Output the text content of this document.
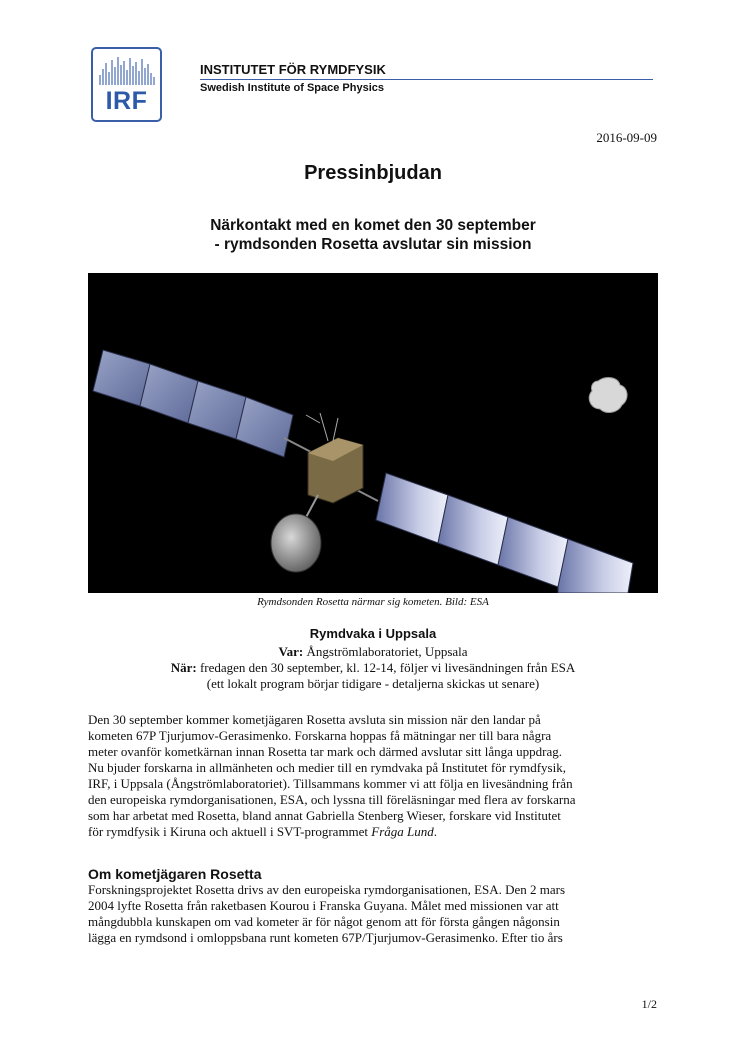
IRF
INSTITUTET FÖR RYMDFYSIK
Swedish Institute of Space Physics
2016-09-09
Pressinbjudan
Närkontakt med en komet den 30 september
- rymdsonden Rosetta avslutar sin mission
Rymdsonden Rosetta närmar sig kometen. Bild: ESA
Rymdvaka i Uppsala
Var: Ångströmlaboratoriet, Uppsala
När: fredagen den 30 september, kl. 12-14, följer vi livesändningen från ESA
(ett lokalt program börjar tidigare - detaljerna skickas ut senare)
Den 30 september kommer kometjägaren Rosetta avsluta sin mission när den landar på
kometen 67P Tjurjumov-Gerasimenko. Forskarna hoppas få mätningar ner till bara några
meter ovanför kometkärnan innan Rosetta tar mark och därmed avslutar sitt långa uppdrag.
Nu bjuder forskarna in allmänheten och medier till en rymdvaka på Institutet för rymdfysik,
IRF, i Uppsala (Ångströmlaboratoriet). Tillsammans kommer vi att följa en livesändning från
den europeiska rymdorganisationen, ESA, och lyssna till föreläsningar med flera av forskarna
som har arbetat med Rosetta, bland annat Gabriella Stenberg Wieser, forskare vid Institutet
för rymdfysik i Kiruna och aktuell i SVT-programmet Fråga Lund.
Om kometjägaren Rosetta
Forskningsprojektet Rosetta drivs av den europeiska rymdorganisationen, ESA. Den 2 mars
2004 lyfte Rosetta från raketbasen Kourou i Franska Guyana. Målet med missionen var att
mångdubbla kunskapen om vad kometer är för något genom att för första gången någonsin
lägga en rymdsond i omloppsbana runt kometen 67P/Tjurjumov-Gerasimenko. Efter tio års
1/2
